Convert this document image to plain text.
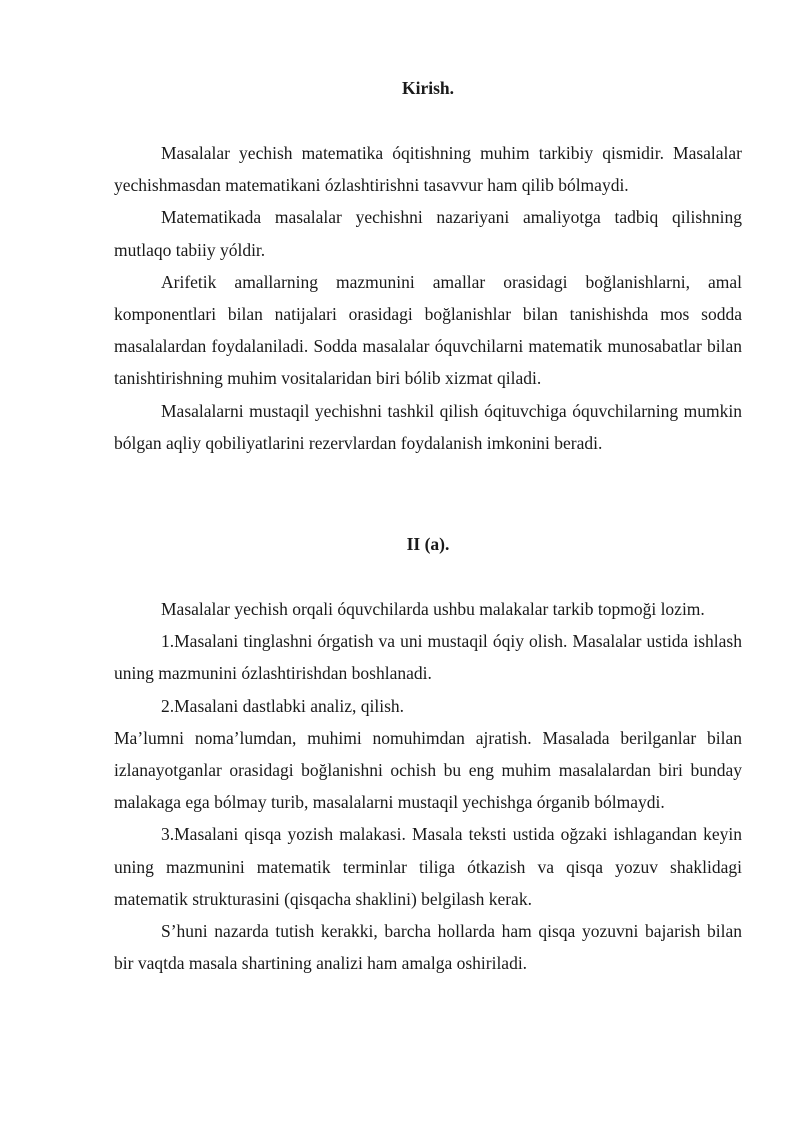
Kirish.

Masalalar yechish matematika óqitishning muhim tarkibiy qismidir. Masalalar yechishmasdan matematikani ózlashtirishni tasavvur ham qilib bólmaydi.

Matematikada masalalar yechishni nazariyani amaliyotga tadbiq qilishning mutlaqo tabiiy yóldir.

Arifetik amallarning mazmunini amallar orasidagi boğlanishlarni, amal komponentlari bilan natijalari orasidagi boğlanishlar bilan tanishishda mos sodda masalalardan foydalaniladi. Sodda masalalar óquvchilarni matematik munosabatlar bilan tanishtirishning muhim vositalaridan biri bólib xizmat qiladi.

Masalalarni mustaqil yechishni tashkil qilish óqituvchiga óquvchilarning mumkin bólgan aqliy qobiliyatlarini rezervlardan foydalanish imkonini beradi.

II (a).

Masalalar yechish orqali óquvchilarda ushbu malakalar tarkib topmoği lozim.

1.Masalani tinglashni órgatish va uni mustaqil óqiy olish. Masalalar ustida ishlash uning mazmunini ózlashtirishdan boshlanadi.

2.Masalani dastlabki analiz, qilish.

Ma’lumni noma’lumdan, muhimi nomuhimdan ajratish. Masalada berilganlar bilan izlanayotganlar orasidagi boğlanishni ochish bu eng muhim masalalardan biri bunday malakaga ega bólmay turib, masalalarni mustaqil yechishga órganib bólmaydi.

3.Masalani qisqa yozish malakasi. Masala teksti ustida oğzaki ishlagandan keyin uning mazmunini matematik terminlar tiliga ótkazish va qisqa yozuv shaklidagi matematik strukturasini (qisqacha shaklini) belgilash kerak.

S’huni nazarda tutish kerakki, barcha hollarda ham qisqa yozuvni bajarish bilan bir vaqtda masala shartining analizi ham amalga oshiriladi.
